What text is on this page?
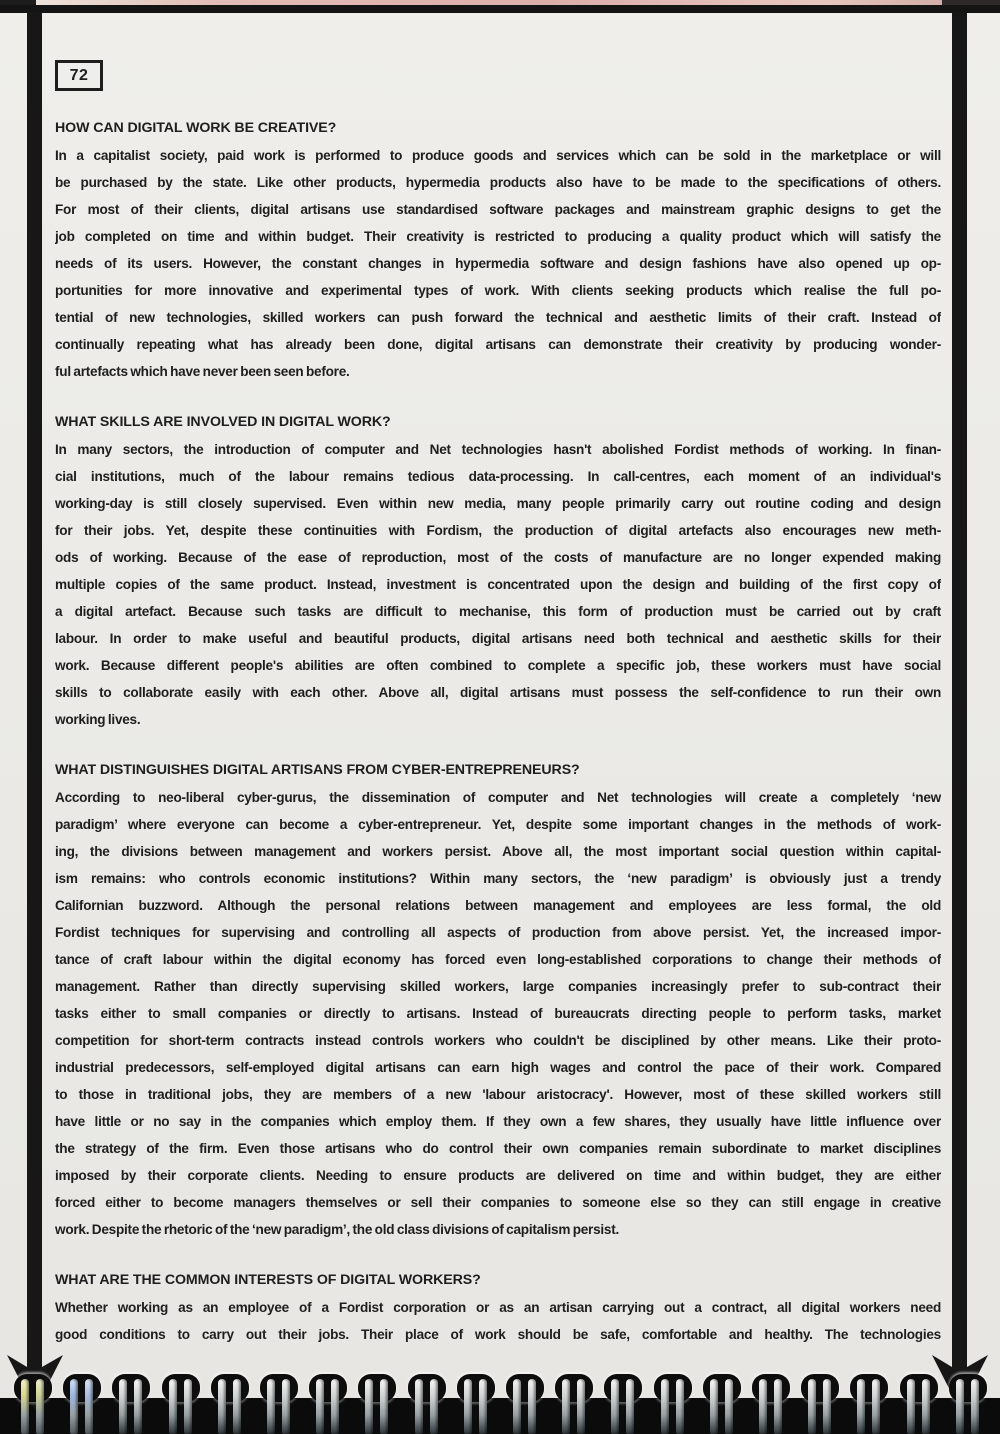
72
HOW CAN DIGITAL WORK BE CREATIVE?
In a capitalist society, paid work is performed to produce goods and services which can be sold in the marketplace or will
be purchased by the state. Like other products, hypermedia products also have to be made to the specifications of others.
For most of their clients, digital artisans use standardised software packages and mainstream graphic designs to get the
job completed on time and within budget. Their creativity is restricted to producing a quality product which will satisfy the
needs of its users. However, the constant changes in hypermedia software and design fashions have also opened up op-
portunities for more innovative and experimental types of work. With clients seeking products which realise the full po-
tential of new technologies, skilled workers can push forward the technical and aesthetic limits of their craft. Instead of
continually repeating what has already been done, digital artisans can demonstrate their creativity by producing wonder-
ful artefacts which have never been seen before.
WHAT SKILLS ARE INVOLVED IN DIGITAL WORK?
In many sectors, the introduction of computer and Net technologies hasn't abolished Fordist methods of working. In finan-
cial institutions, much of the labour remains tedious data-processing. In call-centres, each moment of an individual's
working-day is still closely supervised. Even within new media, many people primarily carry out routine coding and design
for their jobs. Yet, despite these continuities with Fordism, the production of digital artefacts also encourages new meth-
ods of working. Because of the ease of reproduction, most of the costs of manufacture are no longer expended making
multiple copies of the same product. Instead, investment is concentrated upon the design and building of the first copy of
a digital artefact. Because such tasks are difficult to mechanise, this form of production must be carried out by craft
labour. In order to make useful and beautiful products, digital artisans need both technical and aesthetic skills for their
work. Because different people's abilities are often combined to complete a specific job, these workers must have social
skills to collaborate easily with each other. Above all, digital artisans must possess the self-confidence to run their own
working lives.
WHAT DISTINGUISHES DIGITAL ARTISANS FROM CYBER-ENTREPRENEURS?
According to neo-liberal cyber-gurus, the dissemination of computer and Net technologies will create a completely ‘new
paradigm’ where everyone can become a cyber-entrepreneur. Yet, despite some important changes in the methods of work-
ing, the divisions between management and workers persist. Above all, the most important social question within capital-
ism remains: who controls economic institutions? Within many sectors, the ‘new paradigm’ is obviously just a trendy
Californian buzzword. Although the personal relations between management and employees are less formal, the old
Fordist techniques for supervising and controlling all aspects of production from above persist. Yet, the increased impor-
tance of craft labour within the digital economy has forced even long-established corporations to change their methods of
management. Rather than directly supervising skilled workers, large companies increasingly prefer to sub-contract their
tasks either to small companies or directly to artisans. Instead of bureaucrats directing people to perform tasks, market
competition for short-term contracts instead controls workers who couldn't be disciplined by other means. Like their proto-
industrial predecessors, self-employed digital artisans can earn high wages and control the pace of their work. Compared
to those in traditional jobs, they are members of a new 'labour aristocracy'. However, most of these skilled workers still
have little or no say in the companies which employ them. If they own a few shares, they usually have little influence over
the strategy of the firm. Even those artisans who do control their own companies remain subordinate to market disciplines
imposed by their corporate clients. Needing to ensure products are delivered on time and within budget, they are either
forced either to become managers themselves or sell their companies to someone else so they can still engage in creative
work. Despite the rhetoric of the ‘new paradigm’, the old class divisions of capitalism persist.
WHAT ARE THE COMMON INTERESTS OF DIGITAL WORKERS?
Whether working as an employee of a Fordist corporation or as an artisan carrying out a contract, all digital workers need
good conditions to carry out their jobs. Their place of work should be safe, comfortable and healthy. The technologies
